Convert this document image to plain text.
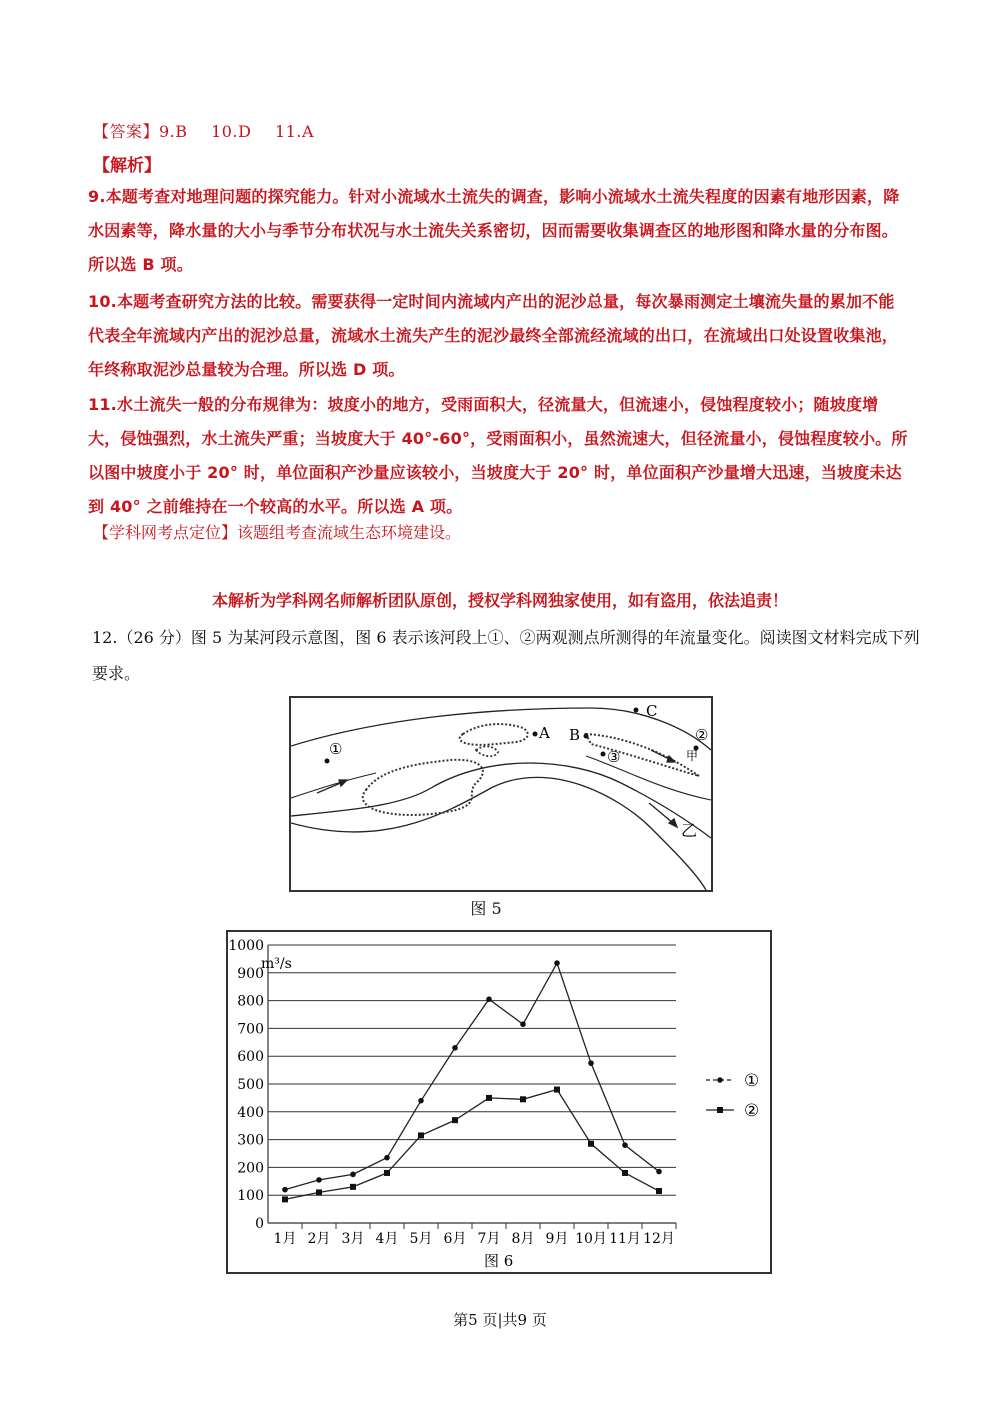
【答案】9.B 10.D 11.A
【解析】
9.本题考查对地理问题的探究能力。针对小流域水土流失的调查，影响小流域水土流失程度的因素有地形因素，降水因素等，降水量的大小与季节分布状况与水土流失关系密切，因而需要收集调查区的地形图和降水量的分布图。所以选 B 项。
10.本题考查研究方法的比较。需要获得一定时间内流域内产出的泥沙总量，每次暴雨测定土壤流失量的累加不能代表全年流域内产出的泥沙总量，流域水土流失产生的泥沙最终全部流经流域的出口，在流域出口处设置收集池，年终称取泥沙总量较为合理。所以选 D 项。
11.水土流失一般的分布规律为：坡度小的地方，受雨面积大，径流量大，但流速小，侵蚀程度较小；随坡度增大，侵蚀强烈，水土流失严重；当坡度大于 40°-60°，受雨面积小，虽然流速大，但径流量小，侵蚀程度较小。所以图中坡度小于 20° 时，单位面积产沙量应该较小，当坡度大于 20° 时，单位面积产沙量增大迅速，当坡度未达到 40° 之前维持在一个较高的水平。所以选 A 项。
【学科网考点定位】该题组考查流域生态环境建设。
本解析为学科网名师解析团队原创，授权学科网独家使用，如有盗用，依法追责！
12.（26 分）图 5 为某河段示意图，图 6 表示该河段上①、②两观测点所测得的年流量变化。阅读图文材料完成下列要求。
①
A B
C
③
②
甲
乙
图 5
0
100
200
300
400
500
600
700
800
900
1000
1月 2月 3月 4月 5月 6月 7月 8月 9月 10月 11月 12月
m³/s
①
②
图 6
第5 页|共9 页
